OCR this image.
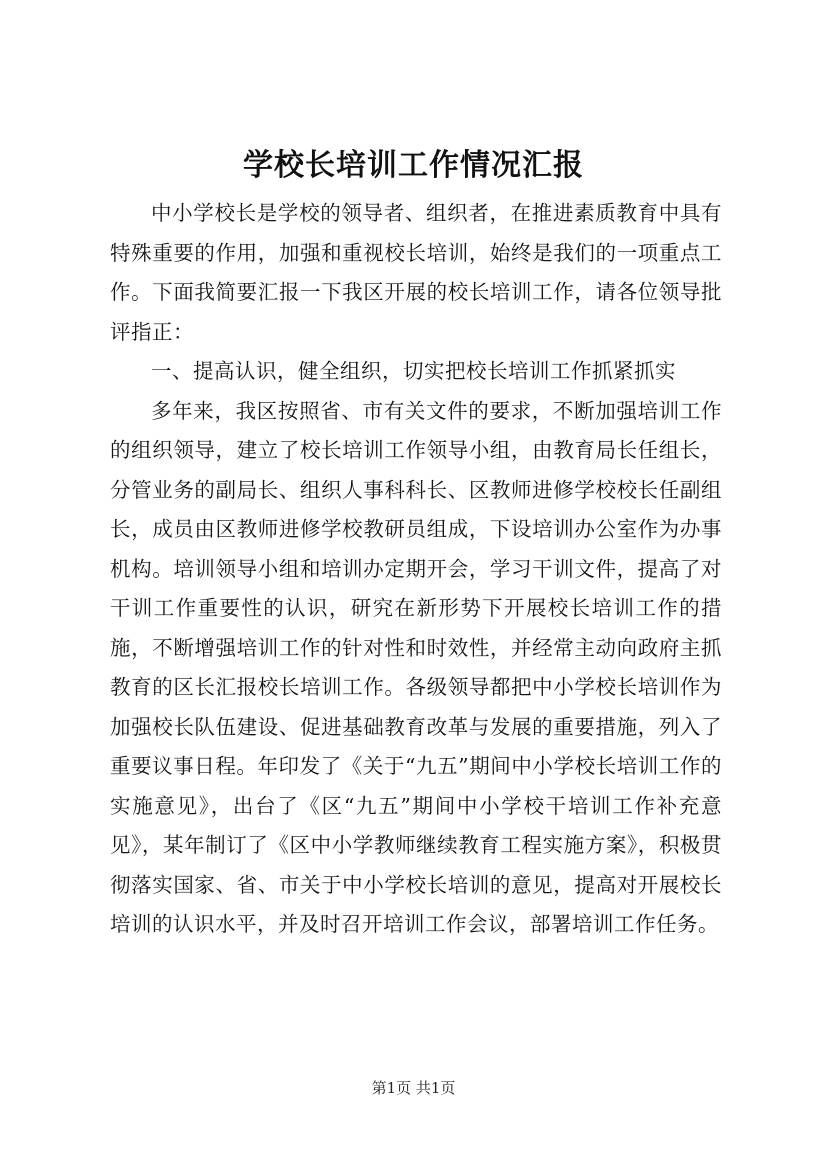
学校长培训工作情况汇报

中小学校长是学校的领导者、组织者，在推进素质教育中具有特殊重要的作用，加强和重视校长培训，始终是我们的一项重点工作。下面我简要汇报一下我区开展的校长培训工作，请各位领导批评指正：

一、提高认识，健全组织，切实把校长培训工作抓紧抓实

多年来，我区按照省、市有关文件的要求，不断加强培训工作的组织领导，建立了校长培训工作领导小组，由教育局长任组长，分管业务的副局长、组织人事科科长、区教师进修学校校长任副组长，成员由区教师进修学校教研员组成，下设培训办公室作为办事机构。培训领导小组和培训办定期开会，学习干训文件，提高了对干训工作重要性的认识，研究在新形势下开展校长培训工作的措施，不断增强培训工作的针对性和时效性，并经常主动向政府主抓教育的区长汇报校长培训工作。各级领导都把中小学校长培训作为加强校长队伍建设、促进基础教育改革与发展的重要措施，列入了重要议事日程。年印发了《关于“九五”期间中小学校长培训工作的实施意见》，出台了《区“九五”期间中小学校干培训工作补充意见》，某年制订了《区中小学教师继续教育工程实施方案》，积极贯彻落实国家、省、市关于中小学校长培训的意见，提高对开展校长培训的认识水平，并及时召开培训工作会议，部署培训工作任务。

第1页 共1页
